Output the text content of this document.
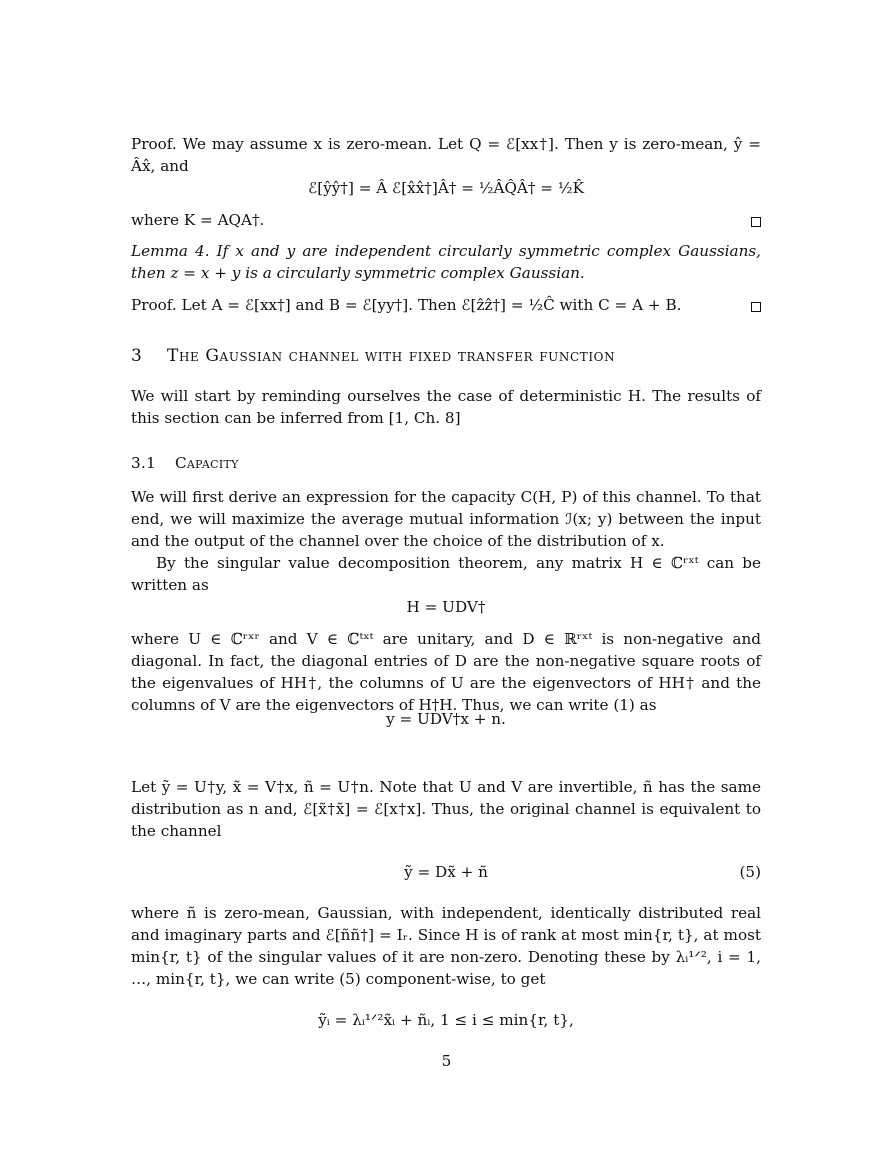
Proof. We may assume x is zero-mean. Let Q = ℰ[xx†]. Then y is zero-mean, ŷ = Âx̂, and

ℰ[ŷŷ†] = Â ℰ[x̂x̂†]Â† = ½ÂQ̂Â† = ½K̂

where K = AQA†.

Lemma 4. If x and y are independent circularly symmetric complex Gaussians, then z = x + y is a circularly symmetric complex Gaussian.

Proof. Let A = ℰ[xx†] and B = ℰ[yy†]. Then ℰ[ẑẑ†] = ½Ĉ with C = A + B.

3 The Gaussian channel with fixed transfer function

We will start by reminding ourselves the case of deterministic H. The results of this section can be inferred from [1, Ch. 8]

3.1 Capacity

We will first derive an expression for the capacity C(H, P) of this channel. To that end, we will maximize the average mutual information ℐ(x; y) between the input and the output of the channel over the choice of the distribution of x.

By the singular value decomposition theorem, any matrix H ∈ ℂʳˣᵗ can be written as

H = UDV†

where U ∈ ℂʳˣʳ and V ∈ ℂᵗˣᵗ are unitary, and D ∈ ℝʳˣᵗ is non-negative and diagonal. In fact, the diagonal entries of D are the non-negative square roots of the eigenvalues of HH†, the columns of U are the eigenvectors of HH† and the columns of V are the eigenvectors of H†H. Thus, we can write (1) as

y = UDV†x + n.

Let ỹ = U†y, x̃ = V†x, ñ = U†n. Note that U and V are invertible, ñ has the same distribution as n and, ℰ[x̃†x̃] = ℰ[x†x]. Thus, the original channel is equivalent to the channel

ỹ = Dx̃ + ñ	(5)

where ñ is zero-mean, Gaussian, with independent, identically distributed real and imaginary parts and ℰ[ññ†] = Iᵣ. Since H is of rank at most min{r, t}, at most min{r, t} of the singular values of it are non-zero. Denoting these by λᵢ¹ᐟ², i = 1, …, min{r, t}, we can write (5) component-wise, to get

ỹᵢ = λᵢ¹ᐟ²x̃ᵢ + ñᵢ, 1 ≤ i ≤ min{r, t},
5
